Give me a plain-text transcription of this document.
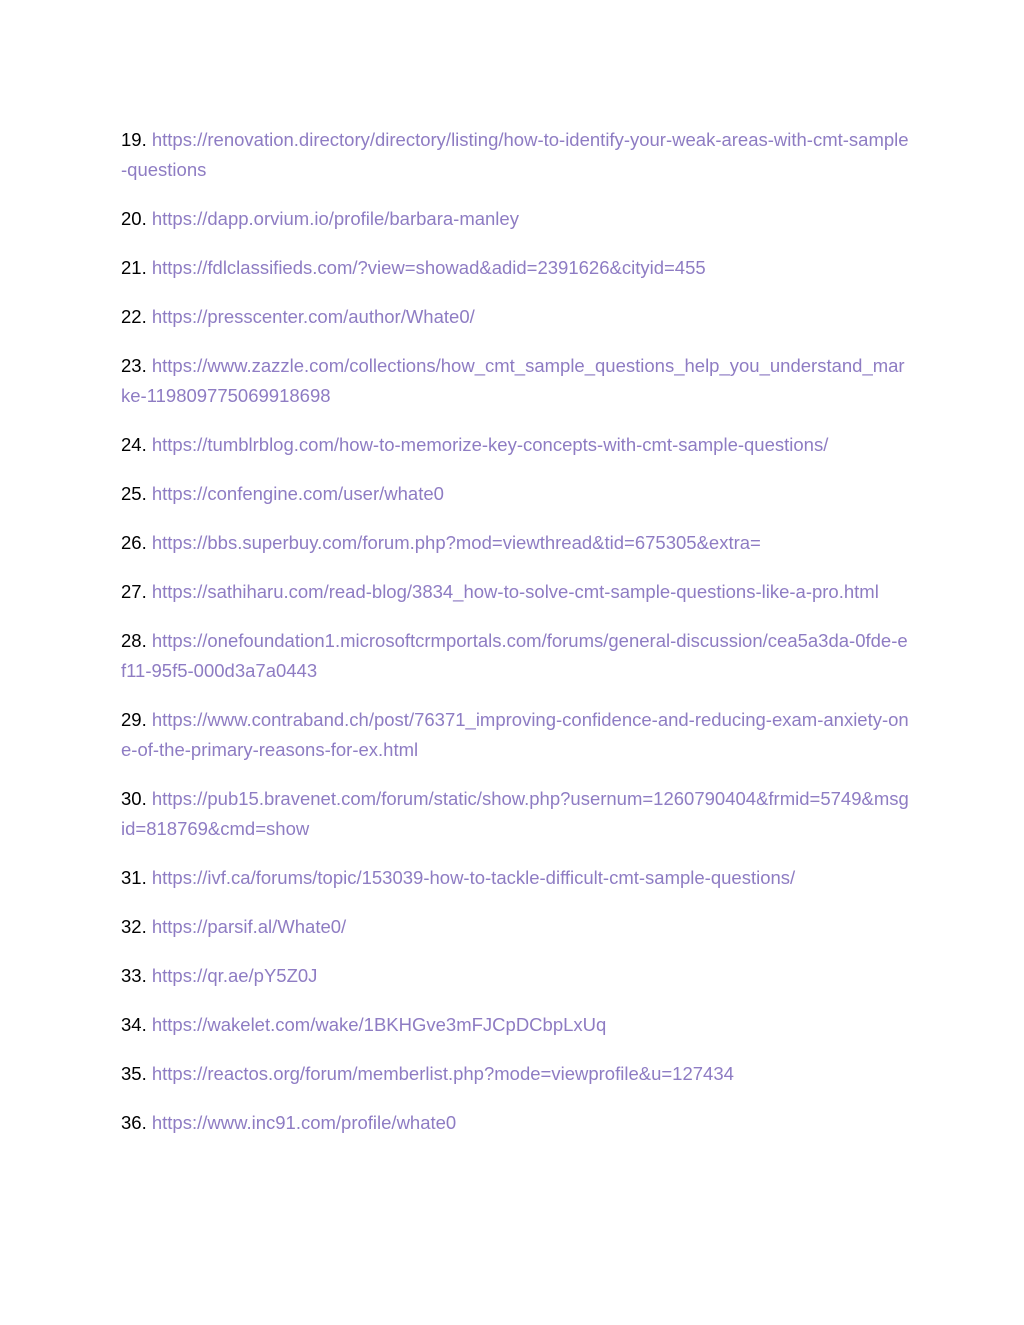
19. https://renovation.directory/directory/listing/how-to-identify-your-weak-areas-with-cmt-sample-questions
20. https://dapp.orvium.io/profile/barbara-manley
21. https://fdlclassifieds.com/?view=showad&adid=2391626&cityid=455
22. https://presscenter.com/author/Whate0/
23. https://www.zazzle.com/collections/how_cmt_sample_questions_help_you_understand_marke-119809775069918698
24. https://tumblrblog.com/how-to-memorize-key-concepts-with-cmt-sample-questions/
25. https://confengine.com/user/whate0
26. https://bbs.superbuy.com/forum.php?mod=viewthread&tid=675305&extra=
27. https://sathiharu.com/read-blog/3834_how-to-solve-cmt-sample-questions-like-a-pro.html
28. https://onefoundation1.microsoftcrmportals.com/forums/general-discussion/cea5a3da-0fde-ef11-95f5-000d3a7a0443
29. https://www.contraband.ch/post/76371_improving-confidence-and-reducing-exam-anxiety-one-of-the-primary-reasons-for-ex.html
30. https://pub15.bravenet.com/forum/static/show.php?usernum=1260790404&frmid=5749&msgid=818769&cmd=show
31. https://ivf.ca/forums/topic/153039-how-to-tackle-difficult-cmt-sample-questions/
32. https://parsif.al/Whate0/
33. https://qr.ae/pY5Z0J
34. https://wakelet.com/wake/1BKHGve3mFJCpDCbpLxUq
35. https://reactos.org/forum/memberlist.php?mode=viewprofile&u=127434
36. https://www.inc91.com/profile/whate0
